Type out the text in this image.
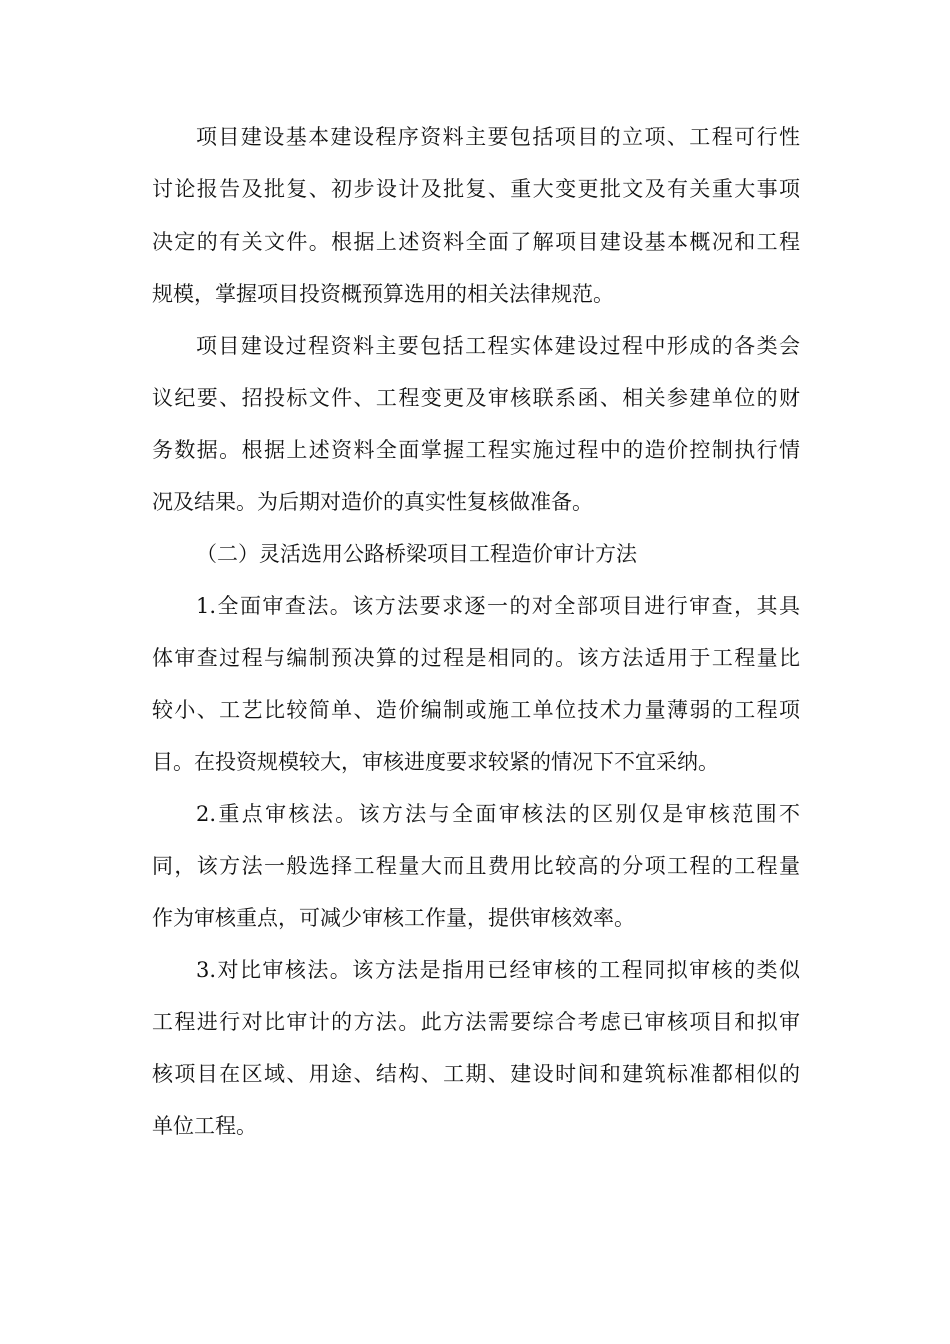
项目建设基本建设程序资料主要包括项目的立项、工程可行性
讨论报告及批复、初步设计及批复、重大变更批文及有关重大事项
决定的有关文件。根据上述资料全面了解项目建设基本概况和工程
规模，掌握项目投资概预算选用的相关法律规范。
项目建设过程资料主要包括工程实体建设过程中形成的各类会
议纪要、招投标文件、工程变更及审核联系函、相关参建单位的财
务数据。根据上述资料全面掌握工程实施过程中的造价控制执行情
况及结果。为后期对造价的真实性复核做准备。
（二）灵活选用公路桥梁项目工程造价审计方法
1.全面审查法。该方法要求逐一的对全部项目进行审查，其具
体审查过程与编制预决算的过程是相同的。该方法适用于工程量比
较小、工艺比较简单、造价编制或施工单位技术力量薄弱的工程项
目。在投资规模较大，审核进度要求较紧的情况下不宜采纳。
2.重点审核法。该方法与全面审核法的区别仅是审核范围不
同，该方法一般选择工程量大而且费用比较高的分项工程的工程量
作为审核重点，可减少审核工作量，提供审核效率。
3.对比审核法。该方法是指用已经审核的工程同拟审核的类似
工程进行对比审计的方法。此方法需要综合考虑已审核项目和拟审
核项目在区域、用途、结构、工期、建设时间和建筑标准都相似的
单位工程。
